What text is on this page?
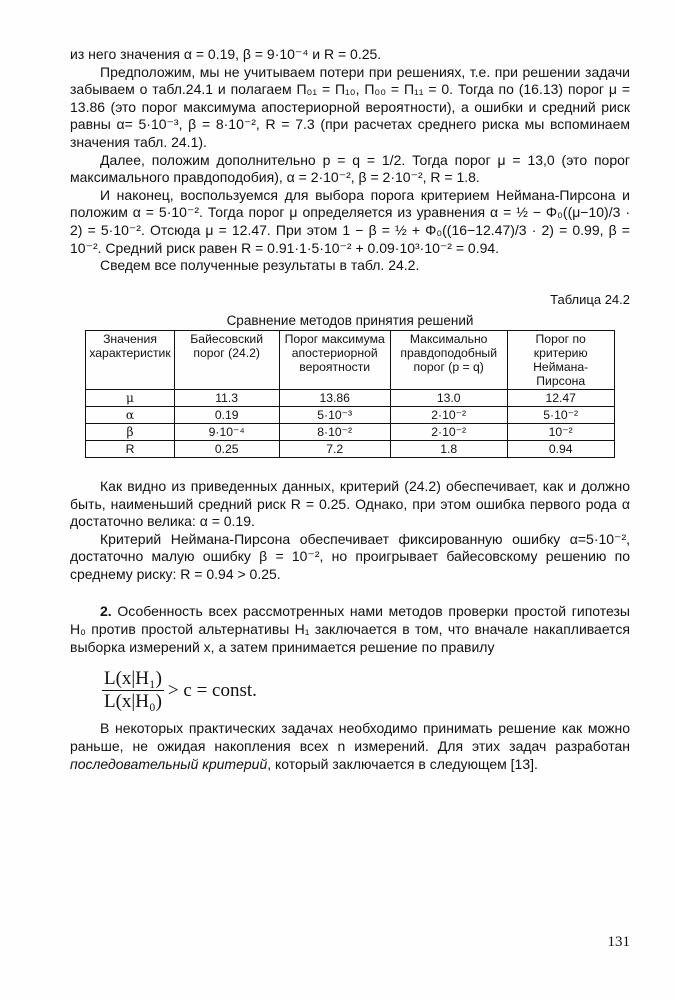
из него значения α = 0.19, β = 9·10⁻⁴ и R = 0.25.

Предположим, мы не учитываем потери при решениях, т.е. при решении задачи забываем о табл.24.1 и полагаем П₀₁ = П₁₀, П₀₀ = П₁₁ = 0. Тогда по (16.13) порог μ = 13.86 (это порог максимума апостериорной вероятности), а ошибки и средний риск равны α= 5·10⁻³, β = 8·10⁻², R = 7.3 (при расчетах среднего риска мы вспоминаем значения табл. 24.1).

Далее, положим дополнительно p = q = 1/2. Тогда порог μ = 13,0 (это порог максимального правдоподобия), α = 2·10⁻², β = 2·10⁻², R = 1.8.

И наконец, воспользуемся для выбора порога критерием Неймана-Пирсона и положим α = 5·10⁻². Тогда порог μ определяется из уравнения α = ½ − Φ₀((μ−10)/3 · 2) = 5·10⁻². Отсюда μ = 12.47. При этом 1 − β = ½ + Φ₀((16−12.47)/3 · 2) = 0.99, β = 10⁻². Средний риск равен R = 0.91·1·5·10⁻² + 0.09·10³·10⁻² = 0.94.

Сведем все полученные результаты в табл. 24.2.

Таблица 24.2
Сравнение методов принятия решений
Значения характеристик	Байесовский порог (24.2)	Порог максимума апостериорной вероятности	Максимально правдоподобный порог (p = q)	Порог по критерию Неймана-Пирсона
μ	11.3	13.86	13.0	12.47
α	0.19	5·10⁻³	2·10⁻²	5·10⁻²
β	9·10⁻⁴	8·10⁻²	2·10⁻²	10⁻²
R	0.25	7.2	1.8	0.94

Как видно из приведенных данных, критерий (24.2) обеспечивает, как и должно быть, наименьший средний риск R = 0.25. Однако, при этом ошибка первого рода α достаточно велика: α = 0.19.

Критерий Неймана-Пирсона обеспечивает фиксированную ошибку α=5·10⁻², достаточно малую ошибку β = 10⁻², но проигрывает байесовскому решению по среднему риску: R = 0.94 > 0.25.

2. Особенность всех рассмотренных нами методов проверки простой гипотезы H₀ против простой альтернативы H₁ заключается в том, что вначале накапливается выборка измерений x, а затем принимается решение по правилу

$\frac{\text{L(x|H₁)}}{\text{L(x|H₀)}} > c$ = const.

В некоторых практических задачах необходимо принимать решение как можно раньше, не ожидая накопления всех n измерений. Для этих задач разработан последовательный критерий, который заключается в следующем [13].

131
